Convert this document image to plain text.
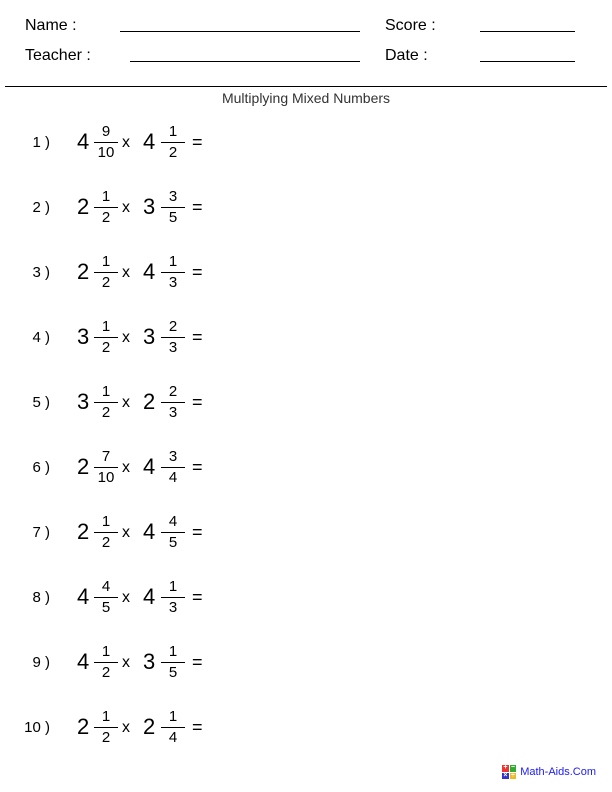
Name :	Score :
Teacher :	Date :
Multiplying Mixed Numbers
1 ) 4 9
10
x 4 1
2
=
2 ) 2 1
2
x 3 3
5
=
3 ) 2 1
2
x 4 1
3
=
4 ) 3 1
2
x 3 2
3
=
5 ) 3 1
2
x 2 2
3
=
6 ) 2 7
10
x 4 3
4
=
7 ) 2 1
2
x 4 4
5
=
8 ) 4 4
5
x 4 1
3
=
9 ) 4 1
2
x 3 1
5
=
10 ) 2 1
2
x 2 1
4
=
+ −
× ÷ Math-Aids.Com
